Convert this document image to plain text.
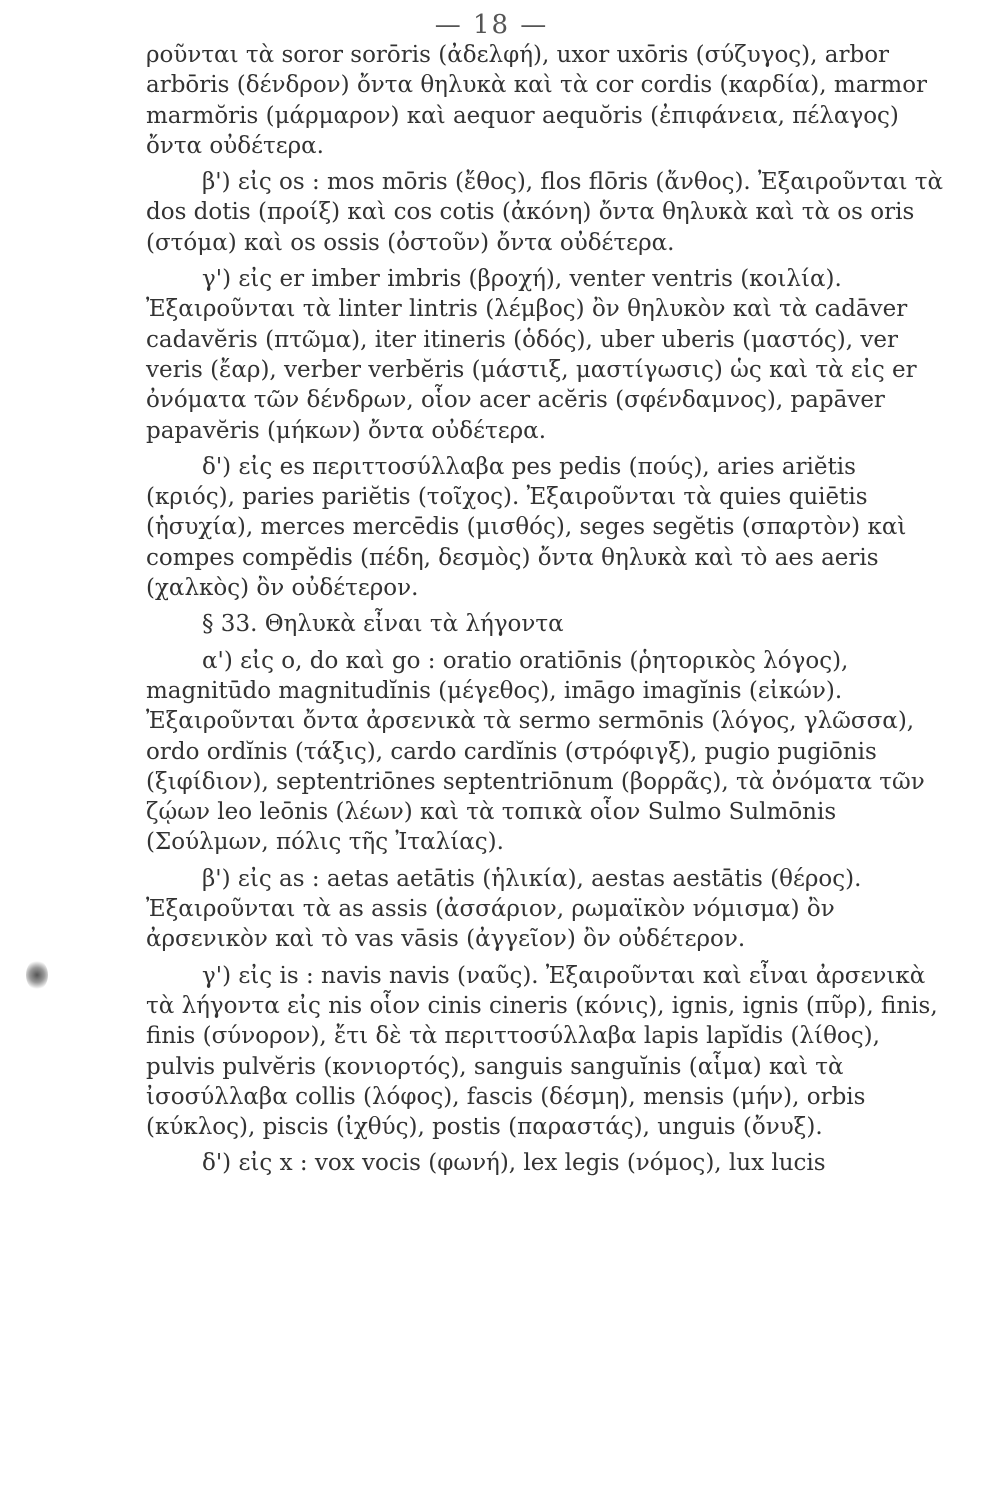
— 18 —

ροῦνται τὰ soror sorōris (ἀδελφή), uxor uxōris (σύζυγος), arbor arbōris (δένδρον) ὄντα θηλυκὰ καὶ τὰ cor cordis (καρδία), marmor marmŏris (μάρμαρον) καὶ aequor aequŏris (ἐπιφάνεια, πέλαγος) ὄντα οὐδέτερα.

β') εἰς os : mos mōris (ἔθος), flos flōris (ἄνθος). Ἐξαιροῦνται τὰ dos dotis (προίξ) καὶ cos cotis (ἀκόνη) ὄντα θηλυκὰ καὶ τὰ os oris (στόμα) καὶ os ossis (ὀστοῦν) ὄντα οὐδέτερα.

γ') εἰς er imber imbris (βροχή), venter ventris (κοιλία). Ἐξαιροῦνται τὰ linter lintris (λέμβος) ὂν θηλυκὸν καὶ τὰ cadāver cadavĕris (πτῶμα), iter itineris (ὁδός), uber uberis (μαστός), ver veris (ἔαρ), verber verbĕris (μάστιξ, μαστίγωσις) ὡς καὶ τὰ εἰς er ὀνόματα τῶν δένδρων, οἷον acer acĕris (σφένδαμνος), papāver papavĕris (μήκων) ὄντα οὐδέτερα.

δ') εἰς es περιττοσύλλαβα pes pedis (πούς), aries ariĕtis (κριός), paries pariĕtis (τοῖχος). Ἐξαιροῦνται τὰ quies quiētis (ἡσυχία), merces mercēdis (μισθός), seges segĕtis (σπαρτὸν) καὶ compes compĕdis (πέδη, δεσμὸς) ὄντα θηλυκὰ καὶ τὸ aes aeris (χαλκὸς) ὂν οὐδέτερον.

§ 33. Θηλυκὰ εἶναι τὰ λήγοντα

α') εἰς o, do καὶ go : oratio oratiōnis (ῥητορικὸς λόγος), magnitūdo magnitudĭnis (μέγεθος), imāgo imagĭnis (εἰκών). Ἐξαιροῦνται ὄντα ἀρσενικὰ τὰ sermo sermōnis (λόγος, γλῶσσα), ordo ordĭnis (τάξις), cardo cardĭnis (στρόφιγξ), pugio pugiōnis (ξιφίδιον), septentriōnes septentriōnum (βορρᾶς), τὰ ὀνόματα τῶν ζῴων leo leōnis (λέων) καὶ τὰ τοπικὰ οἷον Sulmo Sulmōnis (Σούλμων, πόλις τῆς Ἰταλίας).

β') εἰς as : aetas aetātis (ἡλικία), aestas aestātis (θέρος). Ἐξαιροῦνται τὰ as assis (ἀσσάριον, ρωμαϊκὸν νόμισμα) ὂν ἀρσενικὸν καὶ τὸ vas vāsis (ἀγγεῖον) ὂν οὐδέτερον.

γ') εἰς is : navis navis (ναῦς). Ἐξαιροῦνται καὶ εἶναι ἀρσενικὰ τὰ λήγοντα εἰς nis οἷον cinis cineris (κόνις), ignis, ignis (πῦρ), finis, finis (σύνορον), ἔτι δὲ τὰ περιττοσύλλαβα lapis lapĭdis (λίθος), pulvis pulvĕris (κονιορτός), sanguis sanguĭnis (αἷμα) καὶ τὰ ἰσοσύλλαβα collis (λόφος), fascis (δέσμη), mensis (μήν), orbis (κύκλος), piscis (ἰχθύς), postis (παραστάς), unguis (ὄνυξ).

δ') εἰς x : vox vocis (φωνή), lex legis (νόμος), lux lucis
